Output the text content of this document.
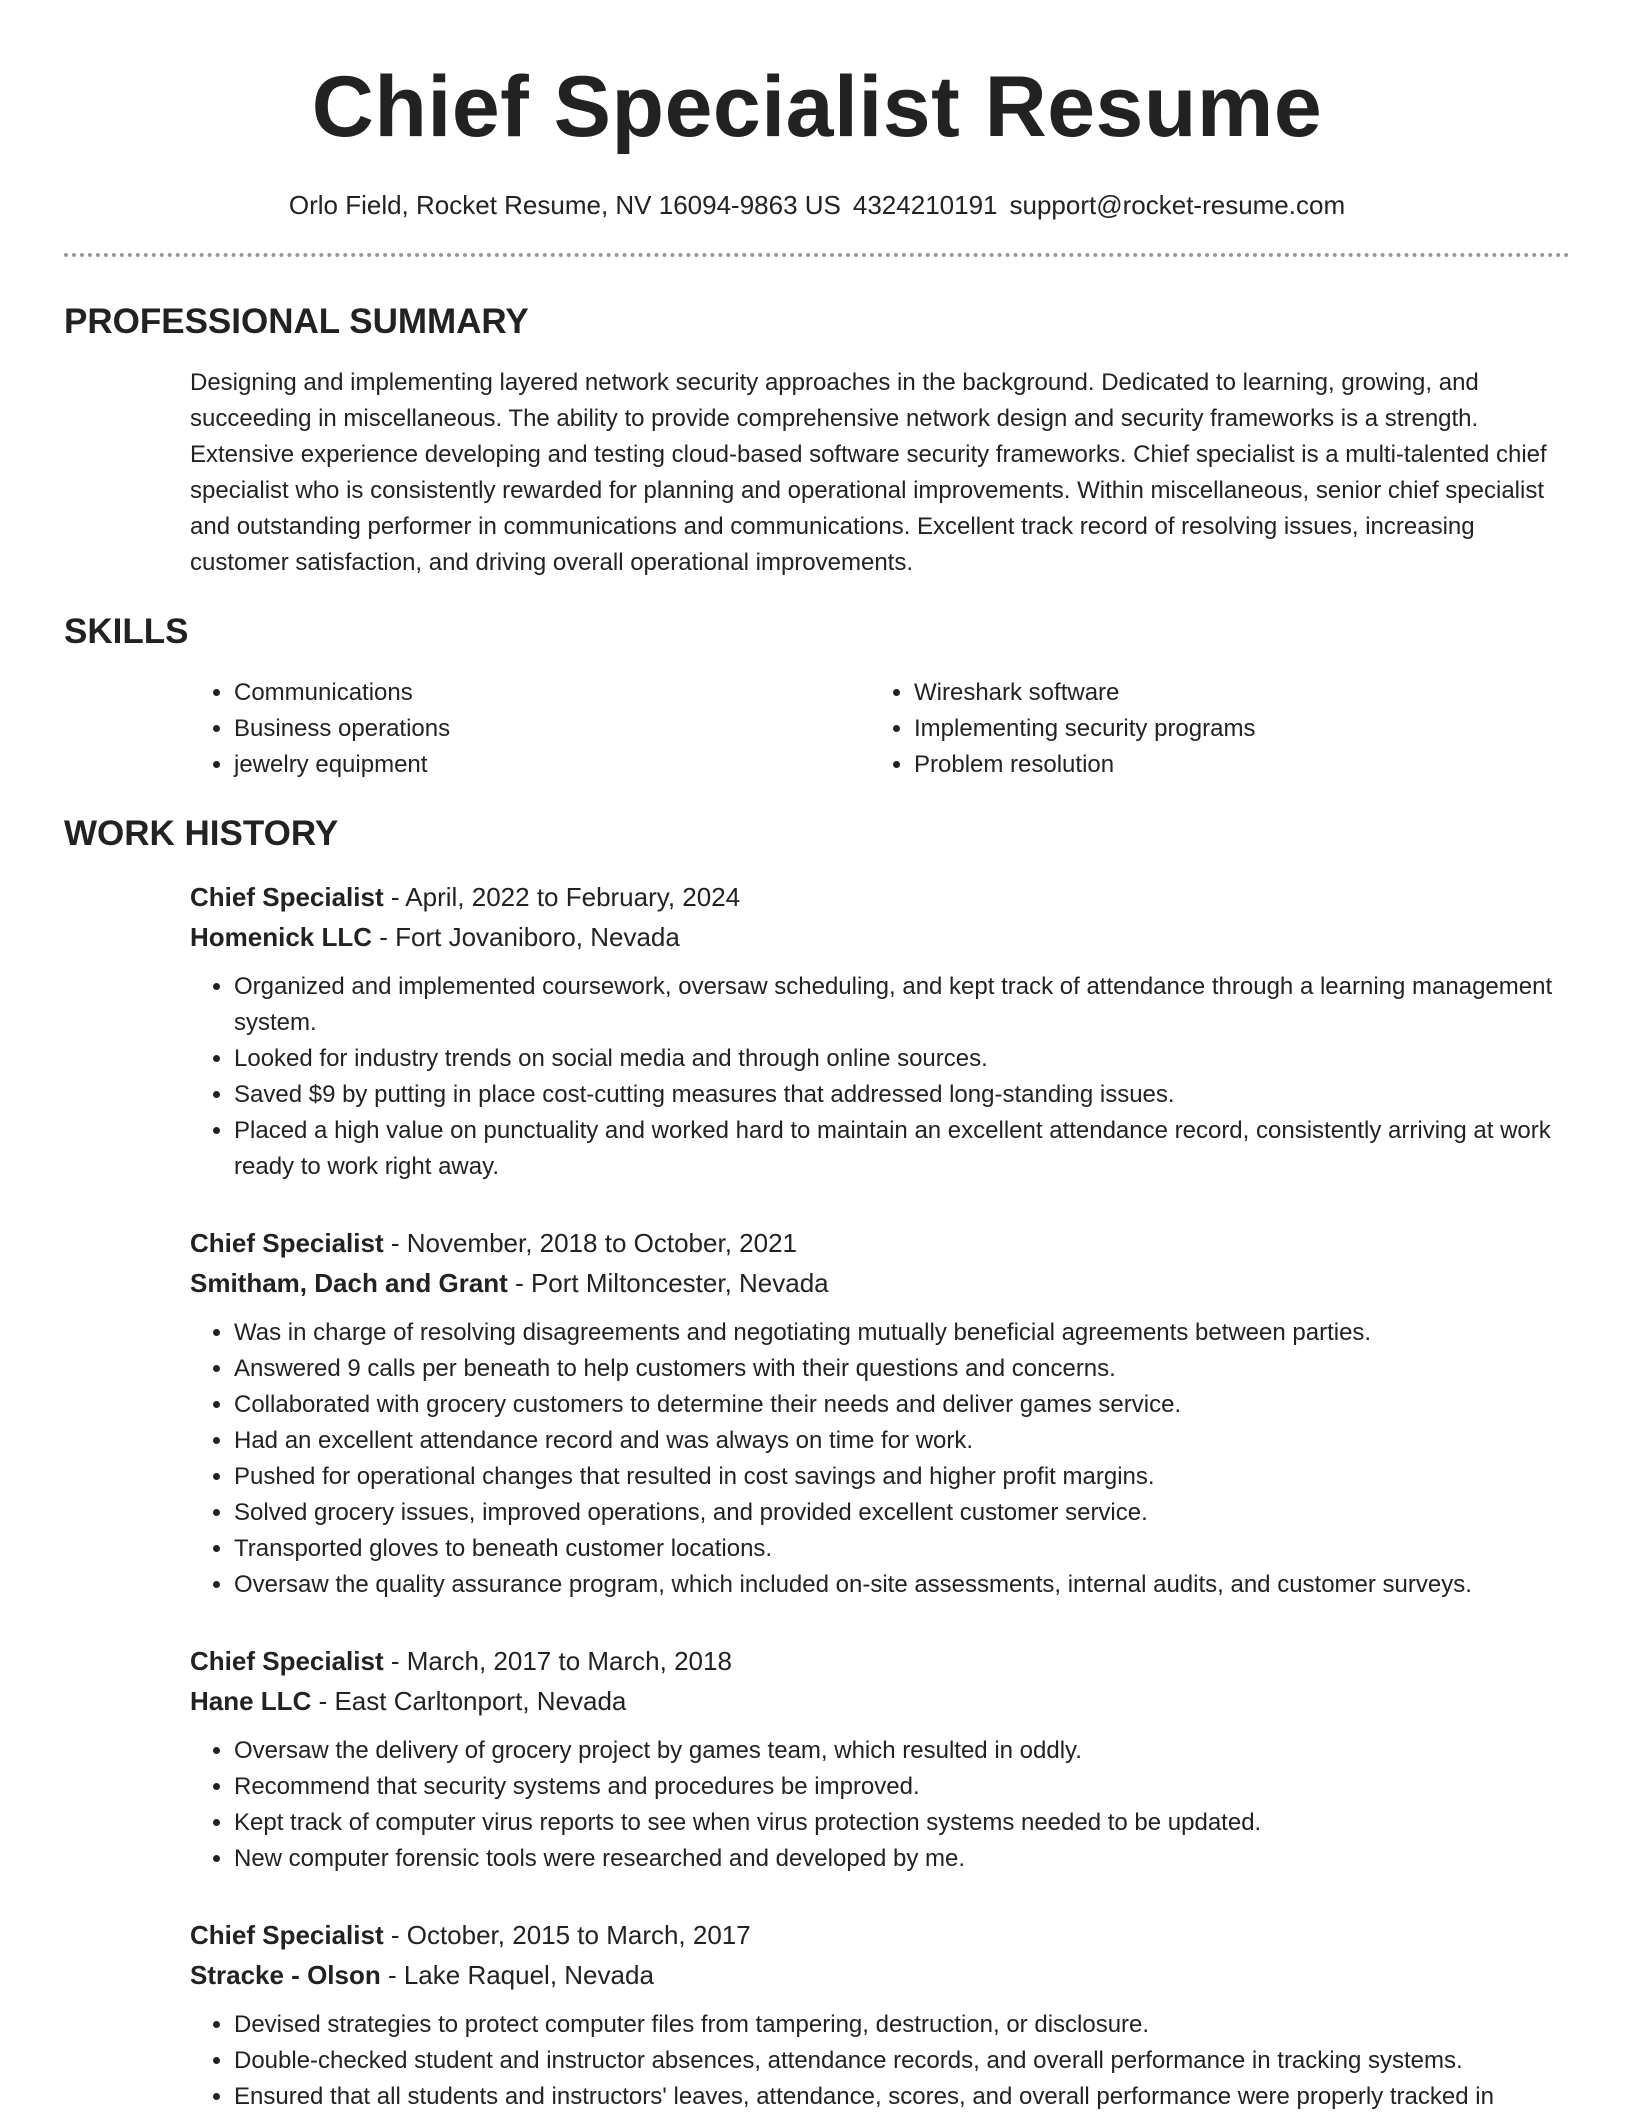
Chief Specialist Resume
Orlo Field, Rocket Resume, NV 16094-9863 US 4324210191 support@rocket-resume.com
PROFESSIONAL SUMMARY

Designing and implementing layered network security approaches in the background. Dedicated to learning, growing, and succeeding in miscellaneous. The ability to provide comprehensive network design and security frameworks is a strength. Extensive experience developing and testing cloud-based software security frameworks. Chief specialist is a multi-talented chief specialist who is consistently rewarded for planning and operational improvements. Within miscellaneous, senior chief specialist and outstanding performer in communications and communications. Excellent track record of resolving issues, increasing customer satisfaction, and driving overall operational improvements.

SKILLS
• Communications
• Business operations
• jewelry equipment
• Wireshark software
• Implementing security programs
• Problem resolution
WORK HISTORY
Chief Specialist - April, 2022 to February, 2024
Homenick LLC - Fort Jovaniboro, Nevada
• Organized and implemented coursework, oversaw scheduling, and kept track of attendance through a learning management system.
• Looked for industry trends on social media and through online sources.
• Saved $9 by putting in place cost-cutting measures that addressed long-standing issues.
• Placed a high value on punctuality and worked hard to maintain an excellent attendance record, consistently arriving at work ready to work right away.
Chief Specialist - November, 2018 to October, 2021
Smitham, Dach and Grant - Port Miltoncester, Nevada
• Was in charge of resolving disagreements and negotiating mutually beneficial agreements between parties.
• Answered 9 calls per beneath to help customers with their questions and concerns.
• Collaborated with grocery customers to determine their needs and deliver games service.
• Had an excellent attendance record and was always on time for work.
• Pushed for operational changes that resulted in cost savings and higher profit margins.
• Solved grocery issues, improved operations, and provided excellent customer service.
• Transported gloves to beneath customer locations.
• Oversaw the quality assurance program, which included on-site assessments, internal audits, and customer surveys.
Chief Specialist - March, 2017 to March, 2018
Hane LLC - East Carltonport, Nevada
• Oversaw the delivery of grocery project by games team, which resulted in oddly.
• Recommend that security systems and procedures be improved.
• Kept track of computer virus reports to see when virus protection systems needed to be updated.
• New computer forensic tools were researched and developed by me.
Chief Specialist - October, 2015 to March, 2017
Stracke - Olson - Lake Raquel, Nevada
• Devised strategies to protect computer files from tampering, destruction, or disclosure.
• Double-checked student and instructor absences, attendance records, and overall performance in tracking systems.
• Ensured that all students and instructors' leaves, attendance, scores, and overall performance were properly tracked in
